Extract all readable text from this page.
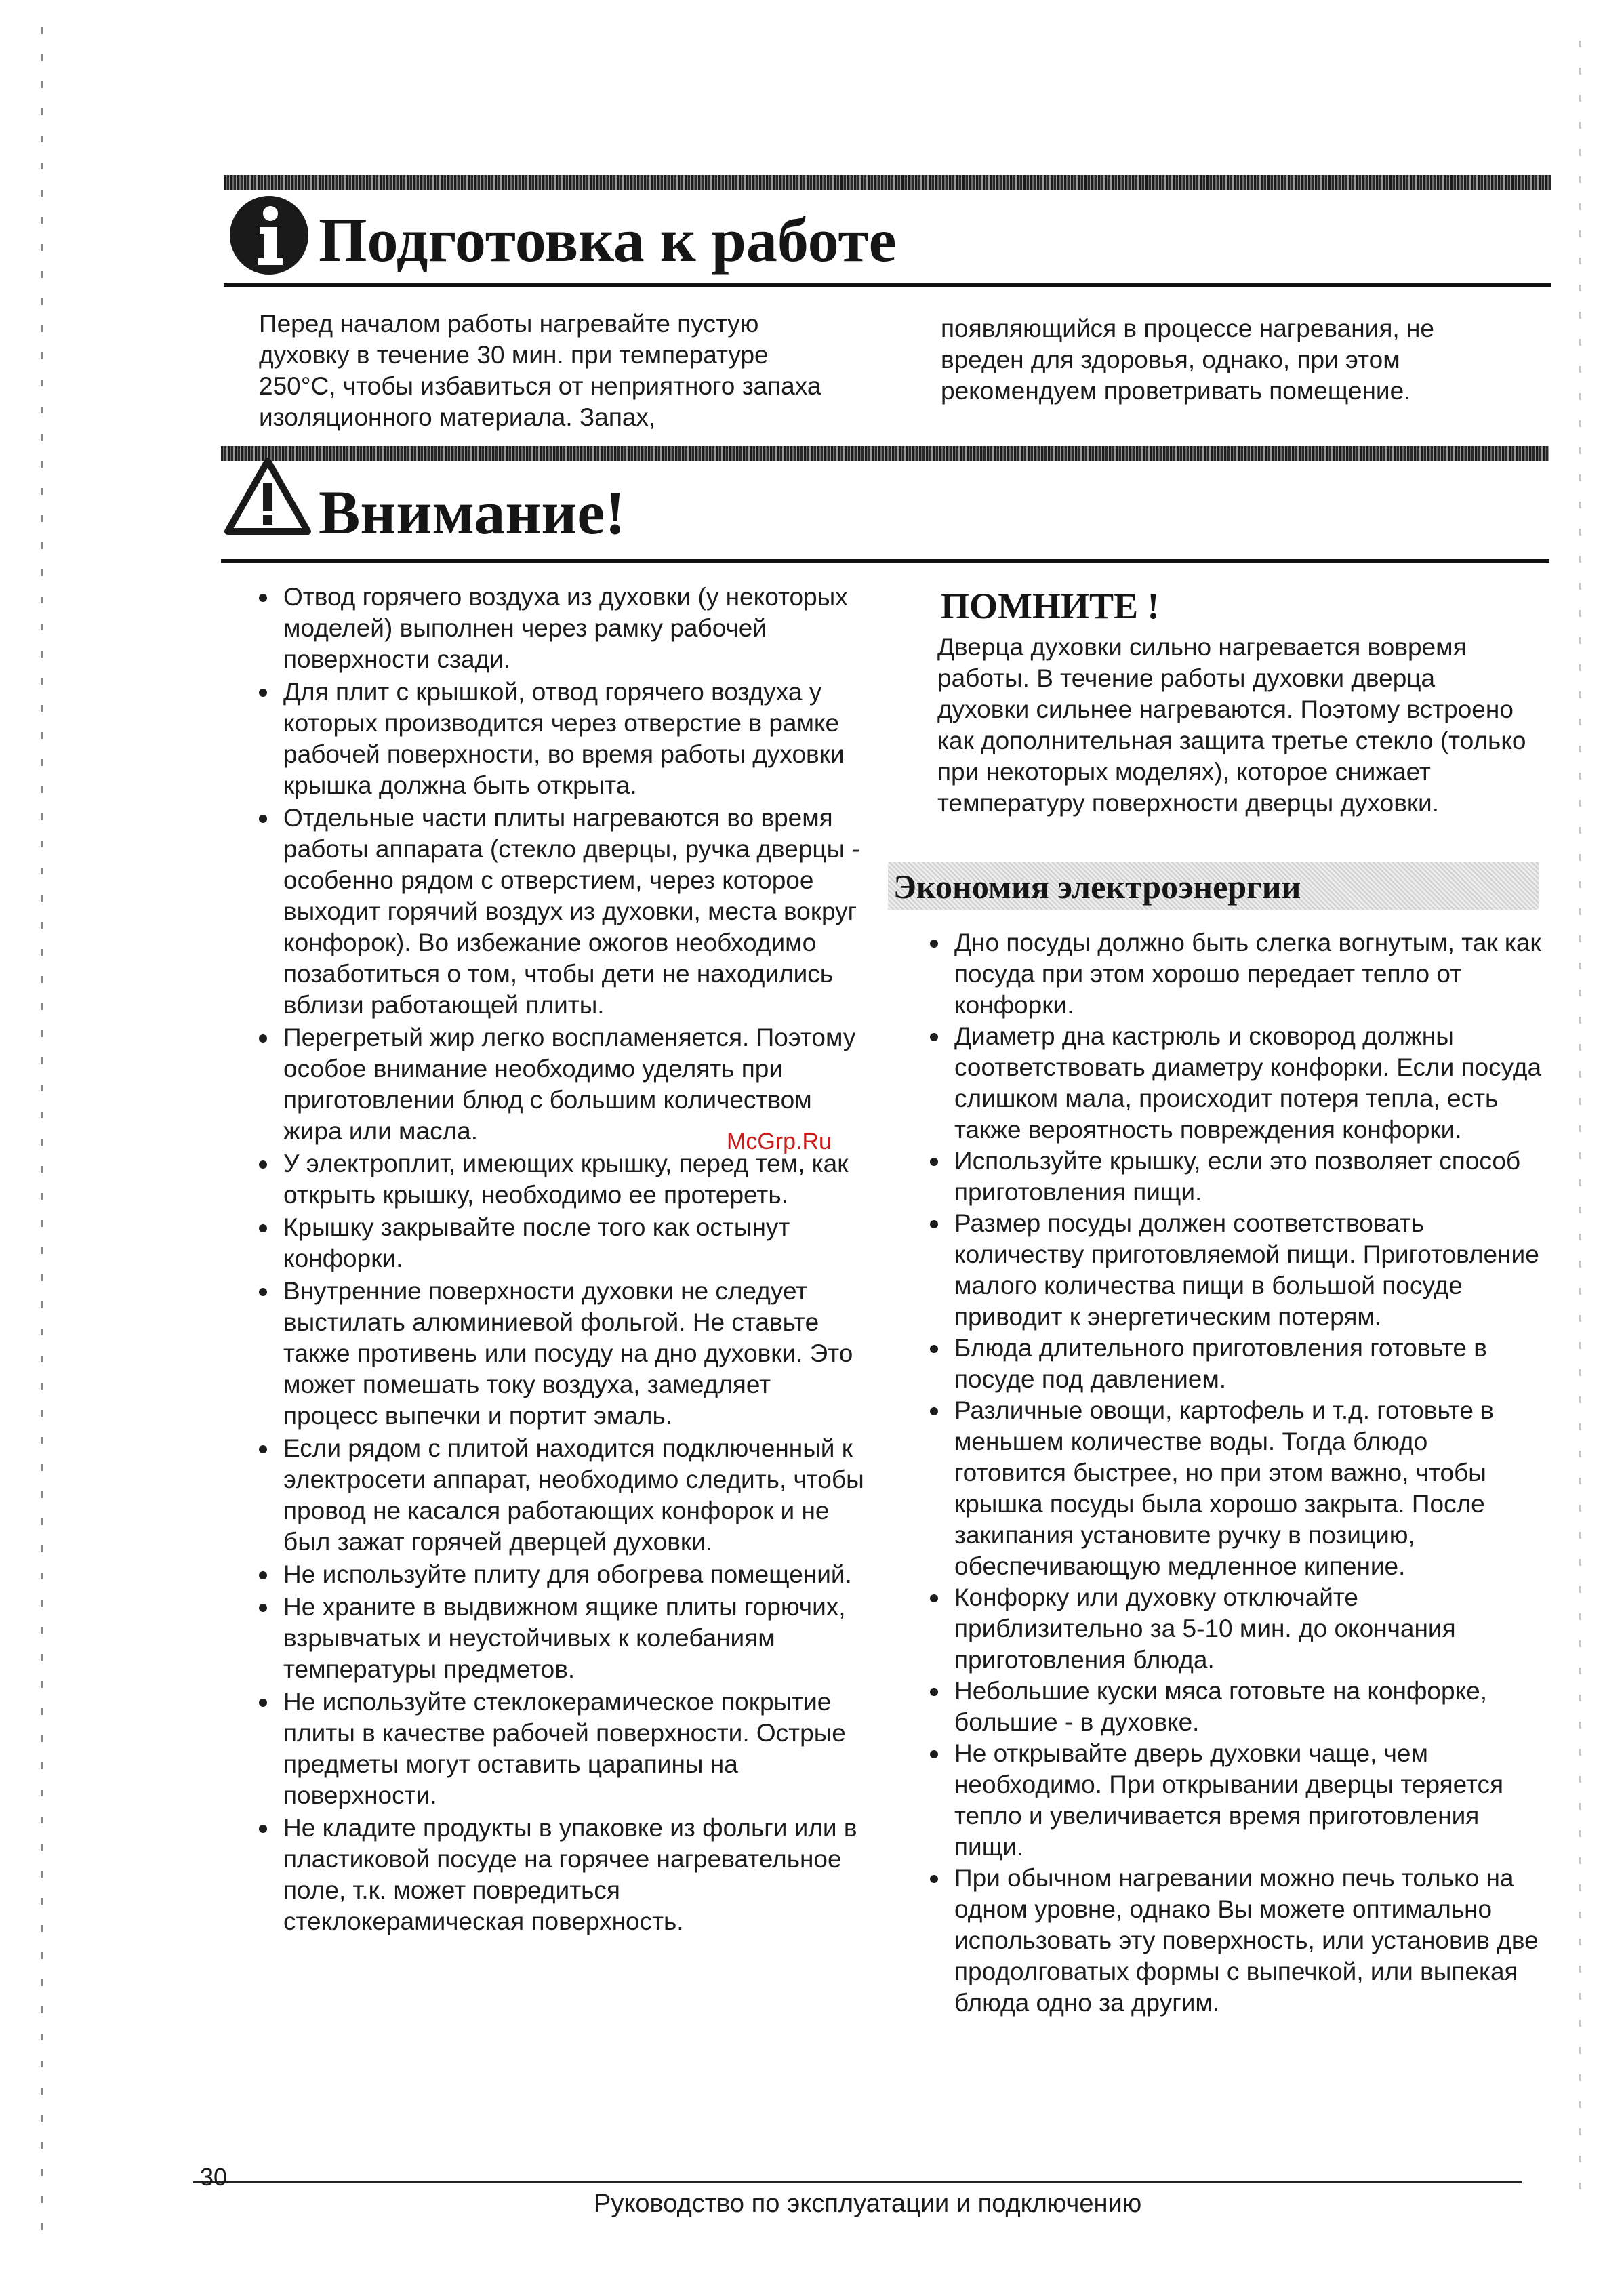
Подготовка к работе
Перед началом работы нагревайте пустую духовку в течение 30 мин. при температуре 250°С, чтобы избавиться от неприятного запаха изоляционного материала. Запах,
появляющийся в процессе нагревания, не вреден для здоровья, однако, при этом рекомендуем проветривать помещение.
Внимание!
Отвод горячего воздуха из духовки (у некоторых моделей) выполнен через рамку рабочей поверхности сзади.
Для плит с крышкой, отвод горячего воздуха у которых производится через отверстие в рамке рабочей поверхности, во время работы духовки крышка должна быть открыта.
Отдельные части плиты нагреваются во время работы аппарата (стекло дверцы, ручка дверцы - особенно рядом с отверстием, через которое выходит горячий воздух из духовки, места вокруг конфорок). Во избежание ожогов необходимо позаботиться о том, чтобы дети не находились вблизи работающей плиты.
Перегретый жир легко воспламеняется. Поэтому особое внимание необходимо уделять при приготовлении блюд с большим количеством жира или масла.
У электроплит, имеющих крышку, перед тем, как открыть крышку, необходимо ее протереть.
Крышку закрывайте после того как остынут конфорки.
Внутренние поверхности духовки не следует выстилать алюминиевой фольгой. Не ставьте также противень или посуду на дно духовки. Это может помешать току воздуха, замедляет процесс выпечки и портит эмаль.
Если рядом с плитой находится подключенный к электросети аппарат, необходимо следить, чтобы провод не касался работающих конфорок и не был зажат горячей дверцей духовки.
Не используйте плиту для обогрева помещений.
Не храните в выдвижном ящике плиты горючих, взрывчатых и неустойчивых к колебаниям температуры предметов.
Не используйте стеклокерамическое покрытие плиты в качестве рабочей поверхности. Острые предметы могут оставить царапины на поверхности.
Не кладите продукты в упаковке из фольги или в пластиковой посуде на горячее нагревательное поле, т.к. может повредиться стеклокерамическая поверхность.
ПОМНИТЕ !
Дверца духовки сильно нагревается вовремя работы. В течение работы духовки дверца духовки сильнее нагреваются. Поэтому встроено как дополнительная защита третье стекло (только при некоторых моделях), которое снижает температуру поверхности дверцы духовки.
Экономия электроэнергии
Дно посуды должно быть слегка вогнутым, так как посуда при этом хорошо передает тепло от конфорки.
Диаметр дна кастрюль и сковород должны соответствовать диаметру конфорки. Если посуда слишком мала, происходит потеря тепла, есть также вероятность повреждения конфорки.
Используйте крышку, если это позволяет способ приготовления пищи.
Размер посуды должен соответствовать количеству приготовляемой пищи. Приготовление малого количества пищи в большой посуде приводит к энергетическим потерям.
Блюда длительного приготовления готовьте в посуде под давлением.
Различные овощи, картофель и т.д. готовьте в меньшем количестве воды. Тогда блюдо готовится быстрее, но при этом важно, чтобы крышка посуды была хорошо закрыта. После закипания установите ручку в позицию, обеспечивающую медленное кипение.
Конфорку или духовку отключайте приблизительно за 5-10 мин. до окончания приготовления блюда.
Небольшие куски мяса готовьте на конфорке, большие - в духовке.
Не открывайте дверь духовки чаще, чем необходимо. При открывании дверцы теряется тепло и увеличивается время приготовления пищи.
При обычном нагревании можно печь только на одном уровне, однако Вы можете оптимально использовать эту поверхность, или установив две продолговатых формы с выпечкой, или выпекая блюда одно за другим.
McGrp.Ru
30
Руководство по эксплуатации и подключению
